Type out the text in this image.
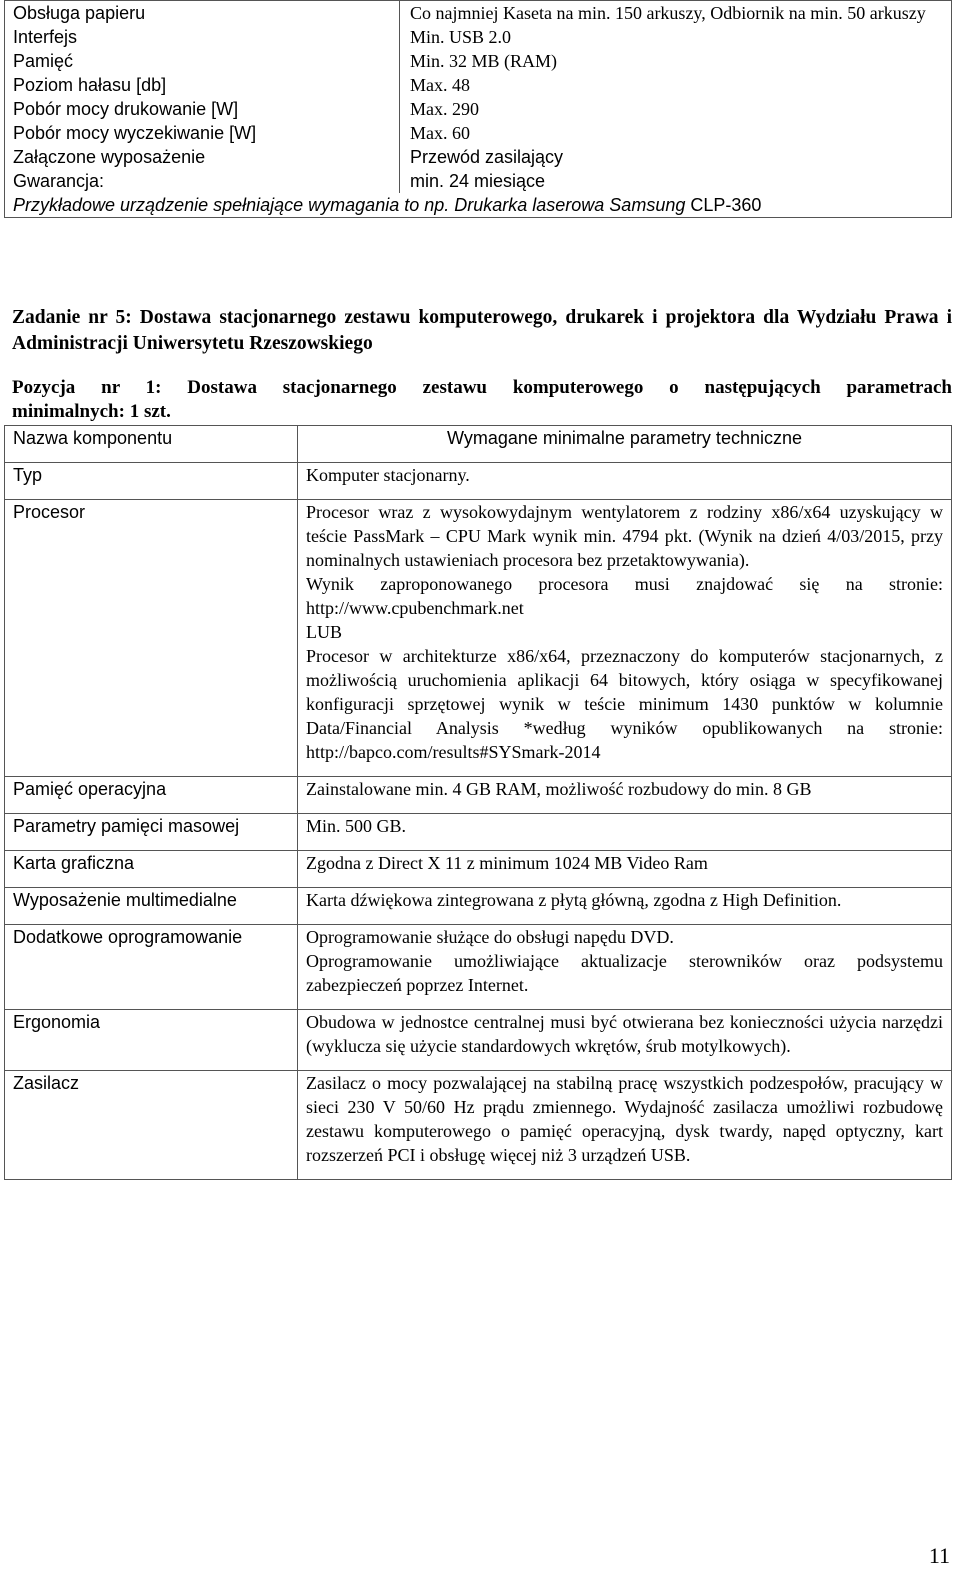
Obsługa papieru	Co najmniej Kaseta na min. 150 arkuszy, Odbiornik na min. 50 arkuszy
Interfejs	Min. USB 2.0
Pamięć	Min. 32 MB (RAM)
Poziom hałasu [db]	Max. 48
Pobór mocy drukowanie [W]	Max. 290
Pobór mocy wyczekiwanie [W]	Max. 60
Załączone wyposażenie	Przewód zasilający
Gwarancja:	min. 24 miesiące
Przykładowe urządzenie spełniające wymagania to np. Drukarka laserowa Samsung CLP-360	
Zadanie nr 5: Dostawa stacjonarnego zestawu komputerowego, drukarek i projektora dla Wydziału Prawa i Administracji Uniwersytetu Rzeszowskiego
Pozycja nr 1: Dostawa stacjonarnego zestawu komputerowego o następujących parametrach
minimalnych: 1 szt.
Nazwa komponentu	Wymagane minimalne parametry techniczne
Typ	Komputer stacjonarny.

Procesor	Procesor wraz z wysokowydajnym wentylatorem z rodziny x86/x64 uzyskujący w teście PassMark – CPU Mark wynik min. 4794 pkt. (Wynik na dzień 4/03/2015, przy nominalnych ustawieniach procesora bez przetaktowywania).
Wynik zaproponowanego procesora musi znajdować się na stronie: http://www.cpubenchmark.net
LUB
Procesor w architekturze x86/x64, przeznaczony do komputerów stacjonarnych, z możliwością uruchomienia aplikacji 64 bitowych, który osiąga w specyfikowanej konfiguracji sprzętowej wynik w teście minimum 1430 punktów w kolumnie Data/Financial Analysis *według wyników opublikowanych na stronie: http://bapco.com/results#SYSmark-2014

Pamięć operacyjna	Zainstalowane min. 4 GB RAM, możliwość rozbudowy do min. 8 GB

Parametry pamięci masowej	Min. 500 GB.

Karta graficzna	Zgodna z Direct X 11 z minimum 1024 MB Video Ram

Wyposażenie multimedialne	Karta dźwiękowa zintegrowana z płytą główną, zgodna z High Definition.

Dodatkowe oprogramowanie	Oprogramowanie służące do obsługi napędu DVD.
Oprogramowanie umożliwiające aktualizacje sterowników oraz podsystemu zabezpieczeń poprzez Internet.

Ergonomia	Obudowa w jednostce centralnej musi być otwierana bez konieczności użycia narzędzi (wyklucza się użycie standardowych wkrętów, śrub motylkowych).

Zasilacz	Zasilacz o mocy pozwalającej na stabilną pracę wszystkich podzespołów, pracujący w sieci 230 V 50/60 Hz prądu zmiennego. Wydajność zasilacza umożliwi rozbudowę zestawu komputerowego o pamięć operacyjną, dysk twardy, napęd optyczny, kart rozszerzeń PCI i obsługę więcej niż 3 urządzeń USB.
11
